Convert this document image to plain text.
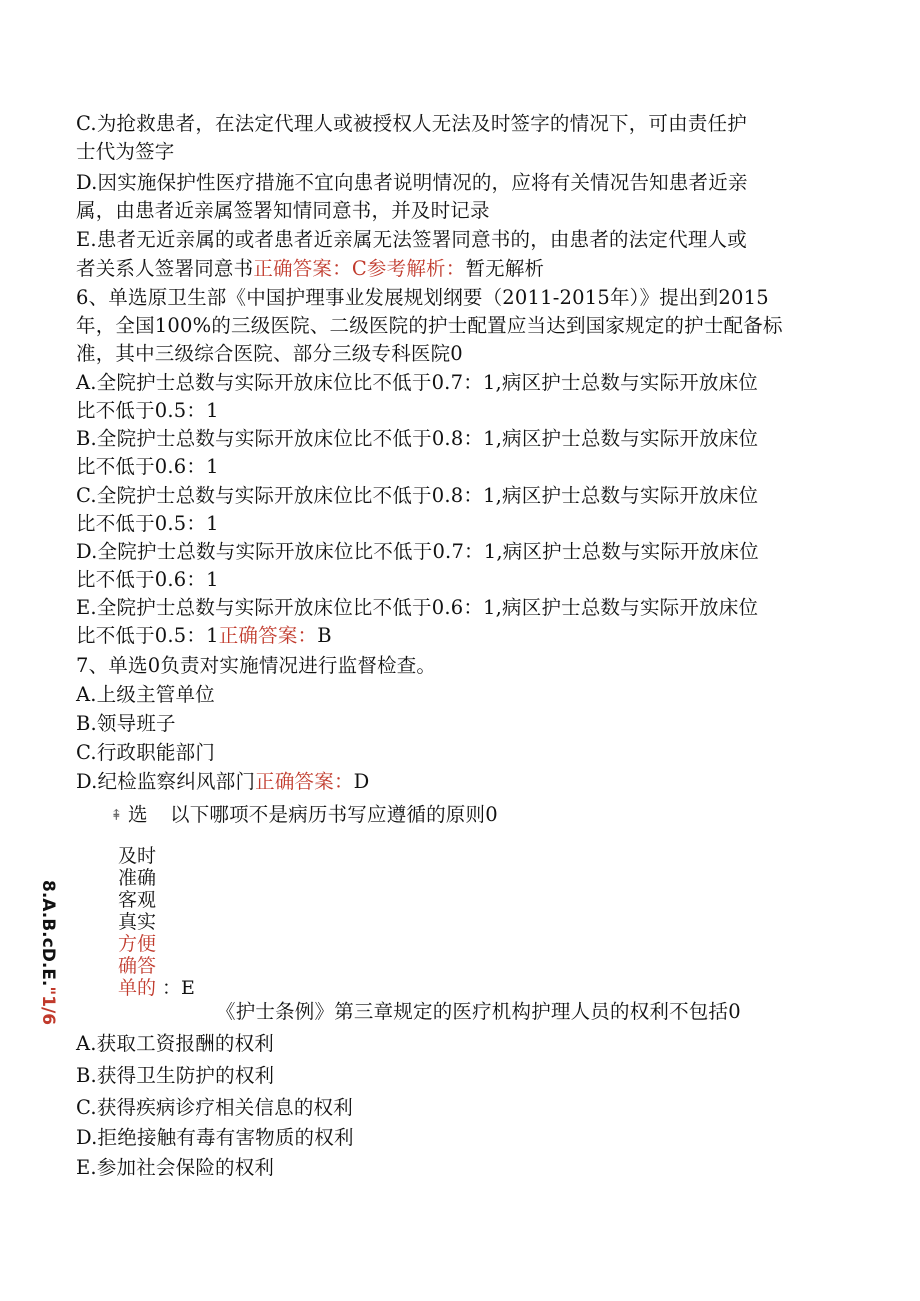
C.为抢救患者，在法定代理人或被授权人无法及时签字的情况下，可由责任护
士代为签字
D.因实施保护性医疗措施不宜向患者说明情况的，应将有关情况告知患者近亲
属，由患者近亲属签署知情同意书，并及时记录
E.患者无近亲属的或者患者近亲属无法签署同意书的，由患者的法定代理人或
者关系人签署同意书正确答案：C参考解析：暂无解析
6、单选原卫生部《中国护理事业发展规划纲要（2011-2015年）》提出到2015
年，全国100%的三级医院、二级医院的护士配置应当达到国家规定的护士配备标
准，其中三级综合医院、部分三级专科医院0
A.全院护士总数与实际开放床位比不低于0.7：1,病区护士总数与实际开放床位
比不低于0.5：1
B.全院护士总数与实际开放床位比不低于0.8：1,病区护士总数与实际开放床位
比不低于0.6：1
C.全院护士总数与实际开放床位比不低于0.8：1,病区护士总数与实际开放床位
比不低于0.5：1
D.全院护士总数与实际开放床位比不低于0.7：1,病区护士总数与实际开放床位
比不低于0.6：1
E.全院护士总数与实际开放床位比不低于0.6：1,病区护士总数与实际开放床位
比不低于0.5：1正确答案：B
7、单选0负责对实施情况进行监督检查。
A.上级主管单位
B.领导班子
C.行政职能部门
D.纪检监察纠风部门正确答案：D
⇞ 选 以下哪项不是病历书写应遵循的原则0
及时
准确
客观
真实
方便
确答
单的 ：E
8.A.B.cD.E."1/6	《护士条例》第三章规定的医疗机构护理人员的权利不包括0
A.获取工资报酬的权利
B.获得卫生防护的权利
C.获得疾病诊疗相关信息的权利
D.拒绝接触有毒有害物质的权利
E.参加社会保险的权利
